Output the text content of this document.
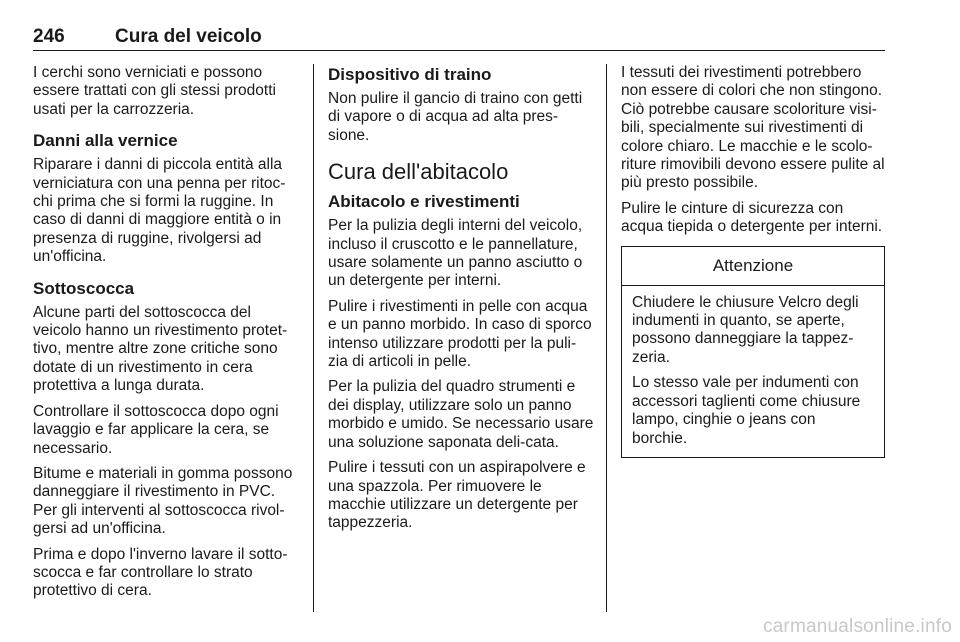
246	Cura del veicolo

I cerchi sono verniciati e possono essere trattati con gli stessi prodotti usati per la carrozzeria.

Danni alla vernice

Riparare i danni di piccola entità alla verniciatura con una penna per ritoc-chi prima che si formi la ruggine. In caso di danni di maggiore entità o in presenza di ruggine, rivolgersi ad un'officina.

Sottoscocca

Alcune parti del sottoscocca del veicolo hanno un rivestimento protet-tivo, mentre altre zone critiche sono dotate di un rivestimento in cera protettiva a lunga durata.

Controllare il sottoscocca dopo ogni lavaggio e far applicare la cera, se necessario.

Bitume e materiali in gomma possono danneggiare il rivestimento in PVC. Per gli interventi al sottoscocca rivol-gersi ad un'officina.

Prima e dopo l'inverno lavare il sotto-scocca e far controllare lo strato protettivo di cera.

Dispositivo di traino

Non pulire il gancio di traino con getti di vapore o di acqua ad alta pres-sione.

Cura dell'abitacolo
Abitacolo e rivestimenti

Per la pulizia degli interni del veicolo, incluso il cruscotto e le pannellature, usare solamente un panno asciutto o un detergente per interni.

Pulire i rivestimenti in pelle con acqua e un panno morbido. In caso di sporco intenso utilizzare prodotti per la puli-zia di articoli in pelle.

Per la pulizia del quadro strumenti e dei display, utilizzare solo un panno morbido e umido. Se necessario usare una soluzione saponata deli-cata.

Pulire i tessuti con un aspirapolvere e una spazzola. Per rimuovere le macchie utilizzare un detergente per tappezzeria.

I tessuti dei rivestimenti potrebbero non essere di colori che non stingono. Ciò potrebbe causare scoloriture visi-bili, specialmente sui rivestimenti di colore chiaro. Le macchie e le scolo-riture rimovibili devono essere pulite al più presto possibile.

Pulire le cinture di sicurezza con acqua tiepida o detergente per interni.

Attenzione

Chiudere le chiusure Velcro degli indumenti in quanto, se aperte, possono danneggiare la tappez-zeria.

Lo stesso vale per indumenti con accessori taglienti come chiusure lampo, cinghie o jeans con borchie.

carmanualsonline.info
